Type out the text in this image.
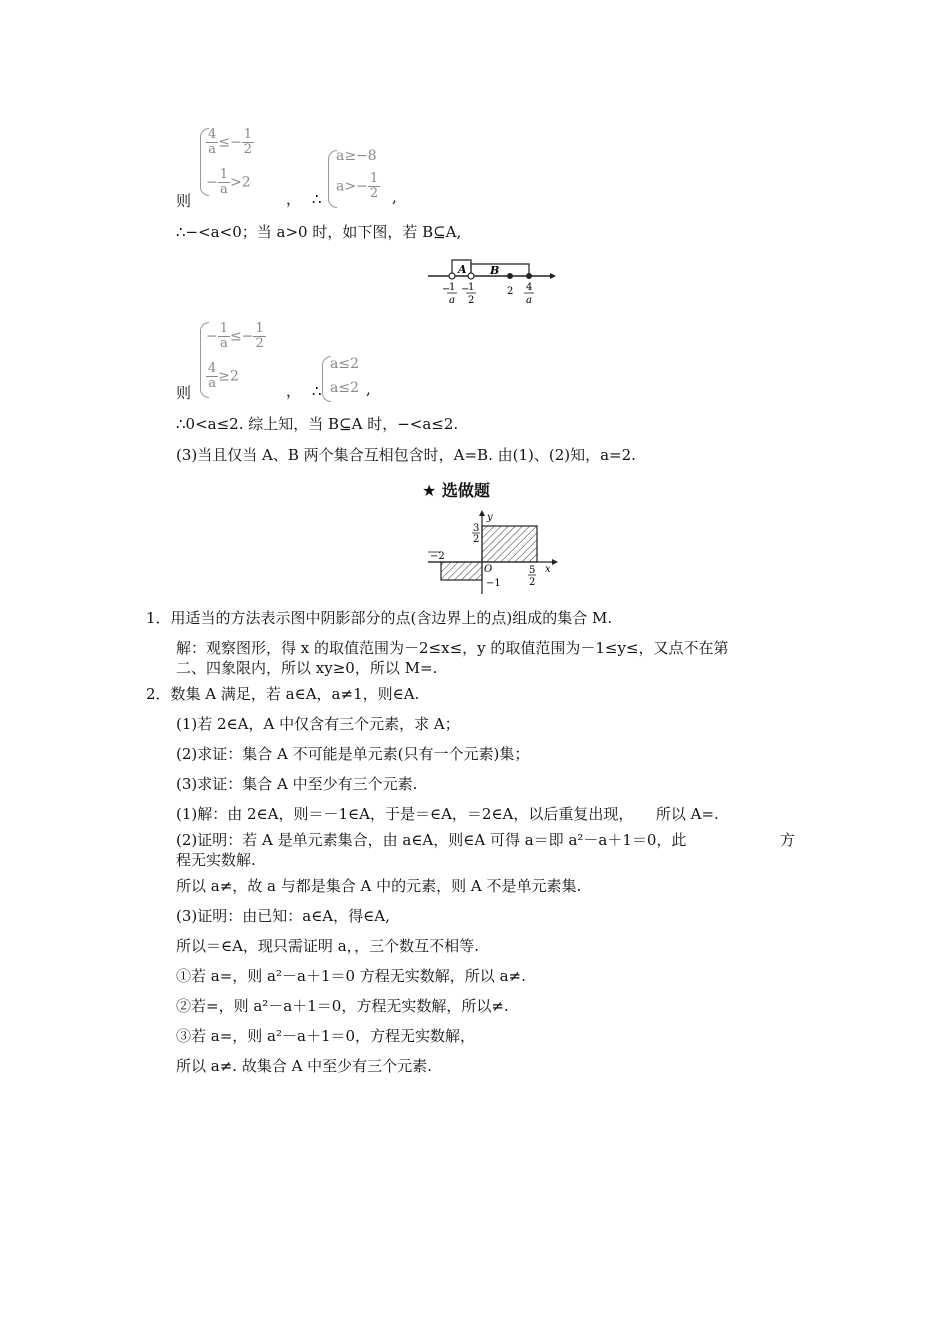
$\frac{4}{a} \le- \frac{1}{2}$
− $\frac{1}{a} >2$
则	， ∴
a≥−8
$a>- \frac{1}{2}$ ,
∴−<a<0；当 a>0 时，如下图，若 B⊆A,
A B
−
1
a
−
1
2
2 4
a
− $\frac{1}{a} \le- \frac{1}{2}$
$\frac{4}{a} \ge 2$
则	， ∴
a≤2
a≤2 ,
∴0<a≤2. 综上知，当 B⊆A 时，−<a≤2.
(3)当且仅当 A、B 两个集合互相包含时，A=B. 由(1)、(2)知，a=2.
★ 选做题
y
x
O
−2
−1
3
2
5
2
1．用适当的方法表示图中阴影部分的点(含边界上的点)组成的集合 M.
解：观察图形，得 x 的取值范围为－2≤x≤，y 的取值范围为－1≤y≤，又点不在第
二、四象限内，所以 xy≥0，所以 M=.
2．数集 A 满足，若 a∈A，a≠1，则∈A.
(1)若 2∈A，A 中仅含有三个元素，求 A；
(2)求证：集合 A 不可能是单元素(只有一个元素)集；
(3)求证：集合 A 中至少有三个元素.
(1)解：由 2∈A，则＝－1∈A，于是＝∈A，＝2∈A，以后重复出现，　　所以 A=.
(2)证明：若 A 是单元素集合，由 a∈A，则∈A 可得 a＝即 a²－a＋1＝0，此	方
程无实数解.
所以 a≠，故 a 与都是集合 A 中的元素，则 A 不是单元素集.
(3)证明：由已知：a∈A，得∈A,
所以＝∈A，现只需证明 a，，三个数互不相等.
①若 a=，则 a²－a＋1＝0 方程无实数解，所以 a≠.
②若=，则 a²－a＋1＝0，方程无实数解，所以≠.
③若 a=，则 a²－a＋1＝0，方程无实数解，
所以 a≠. 故集合 A 中至少有三个元素.
